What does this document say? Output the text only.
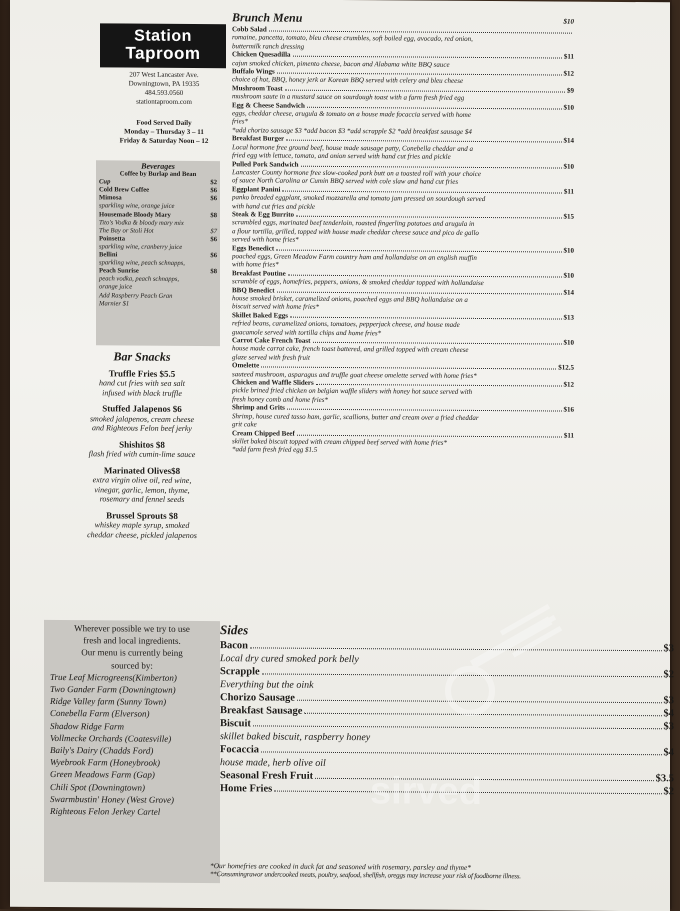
Station
Taproom
207 West Lancaster Ave.
Downingtown, PA 19335
484.593.0560
stationtaproom.com
Food Served Daily
Monday – Thursday 3 – 11
Friday & Saturday Noon – 12
Beverages
Coffee by Burlap and Bean
Cup	$2
Cold Brew Coffee	$6
Mimosa	$6
sparkling wine, orange juice
Housemade Bloody Mary	$8
Tito's Vodka & bloody mary mix
The Bay or Stoli Hot	$7
Poinsetta	$6
sparkling wine, cranberry juice
Bellini	$6
sparkling wine, peach schnapps,
Peach Sunrise	$8
peach vodka, peach schnapps,
orange juice
Add Raspberry Peach Gran
Marnier $1
Bar Snacks
Truffle Fries $5.5
hand cut fries with sea salt
infused with black truffle
Stuffed Jalapenos $6
smoked jalapenos, cream cheese
and Righteous Felon beef jerky
Shishitos $8
flash fried with cumin-lime sauce
Marinated Olives$8
extra virgin olive oil, red wine,
vinegar, garlic, lemon, thyme,
rosemary and fennel seeds
Brussel Sprouts $8
whiskey maple syrup, smoked
cheddar cheese, pickled jalapenos
Wherever possible we try to use
fresh and local ingredients.
Our menu is currently being
sourced by:
True Leaf Microgreens(Kimberton)
Two Gander Farm (Downingtown)
Ridge Valley farm (Sunny Town)
Conebella Farm (Elverson)
Shadow Ridge Farm
Vollmecke Orchards (Coatesville)
Baily's Dairy (Chadds Ford)
Wyebrook Farm (Honeybrook)
Green Meadows Farm (Gap)
Chili Spot (Downingtown)
Swarmbustin' Honey (West Grove)
Righteous Felon Jerkey Cartel
Brunch Menu	$10
Cobb Salad
romaine, pancetta, tomato, bleu cheese crumbles, soft boiled egg, avocado, red onion,
buttermilk ranch dressing
Chicken Quesadilla	$11
cajun smoked chicken, pimento cheese, bacon and Alabama white BBQ sauce
Buffalo Wings	$12
choice of hot, BBQ, honey jerk or Korean BBQ served with celery and bleu cheese
Mushroom Toast	$9
mushroom saute in a mustard sauce on sourdough toast with a farm fresh fried egg
Egg & Cheese Sandwich	$10
eggs, cheddar cheese, arugula & tomato on a house made focaccia served with home
fries*
*add chorizo sausage $3 *add bacon $3 *add scrapple $2 *add breakfast sausage $4
Breakfast Burger	$14
Local hormone free ground beef, house made sausage patty, Conebella cheddar and a
fried egg with lettuce, tomato, and onion served with hand cut fries and pickle
Pulled Pork Sandwich	$10
Lancaster County hormone free slow-cooked pork butt on a toasted roll with your choice
of sauce North Carolina or Cumin BBQ served with cole slaw and hand cut fries
Eggplant Panini	$11
panko breaded eggplant, smoked mozzarella and tomato jam pressed on sourdough served
with hand cut fries and pickle
Steak & Egg Burrito	$15
scrambled eggs, marinated beef tenderloin, roasted fingerling potatoes and arugula in
a flour tortilla, grilled, topped with house made cheddar cheese sauce and pico de gallo
served with home fries*
Eggs Benedict	$10
poached eggs, Green Meadow Farm country ham and hollandaise on an english muffin
with home fries*
Breakfast Poutine	$10
scramble of eggs, homefries, peppers, onions, & smoked cheddar topped with hollandaise
BBQ Benedict	$14
house smoked brisket, caramelized onions, poached eggs and BBQ hollandaise on a
biscuit served with home fries*
Skillet Baked Eggs	$13
refried beans, caramelized onions, tomatoes, pepperjack cheese, and house made
guacamole served with tortilla chips and home fries*
Carrot Cake French Toast	$10
house made carrot cake, french toast battered, and grilled topped with cream cheese
glaze served with fresh fruit
Omelette	$12.5
sauteed mushroom, asparagus and truffle goat cheese omelette served with home fries*
Chicken and Waffle Sliders	$12
pickle brined fried chicken on belgian waffle sliders with honey hot sauce served with
fresh honey comb and home fries*
Shrimp and Grits	$16
Shrimp, house cured tasso ham, garlic, scallions, butter and cream over a fried cheddar
grit cake
Cream Chipped Beef	$11
skillet baked biscuit topped with cream chipped beef served with home fries*
*add farm fresh fried egg $1.5
Sides
Bacon	$3
Local dry cured smoked pork belly
Scrapple	$2
Everything but the oink
Chorizo Sausage	$3
Breakfast Sausage	$4
Biscuit	$3
skillet baked biscuit, raspberry honey
Focaccia	$4
house made, herb olive oil
Seasonal Fresh Fruit	$3.5
Home Fries	$2
*Our homefries are cooked in duck fat and seasoned with rosemary, parsley and thyme*
**Consumingrawor undercooked meats, poultry, seafood, shellfish, oreggs may increase your risk of foodborne illness.
sirved
